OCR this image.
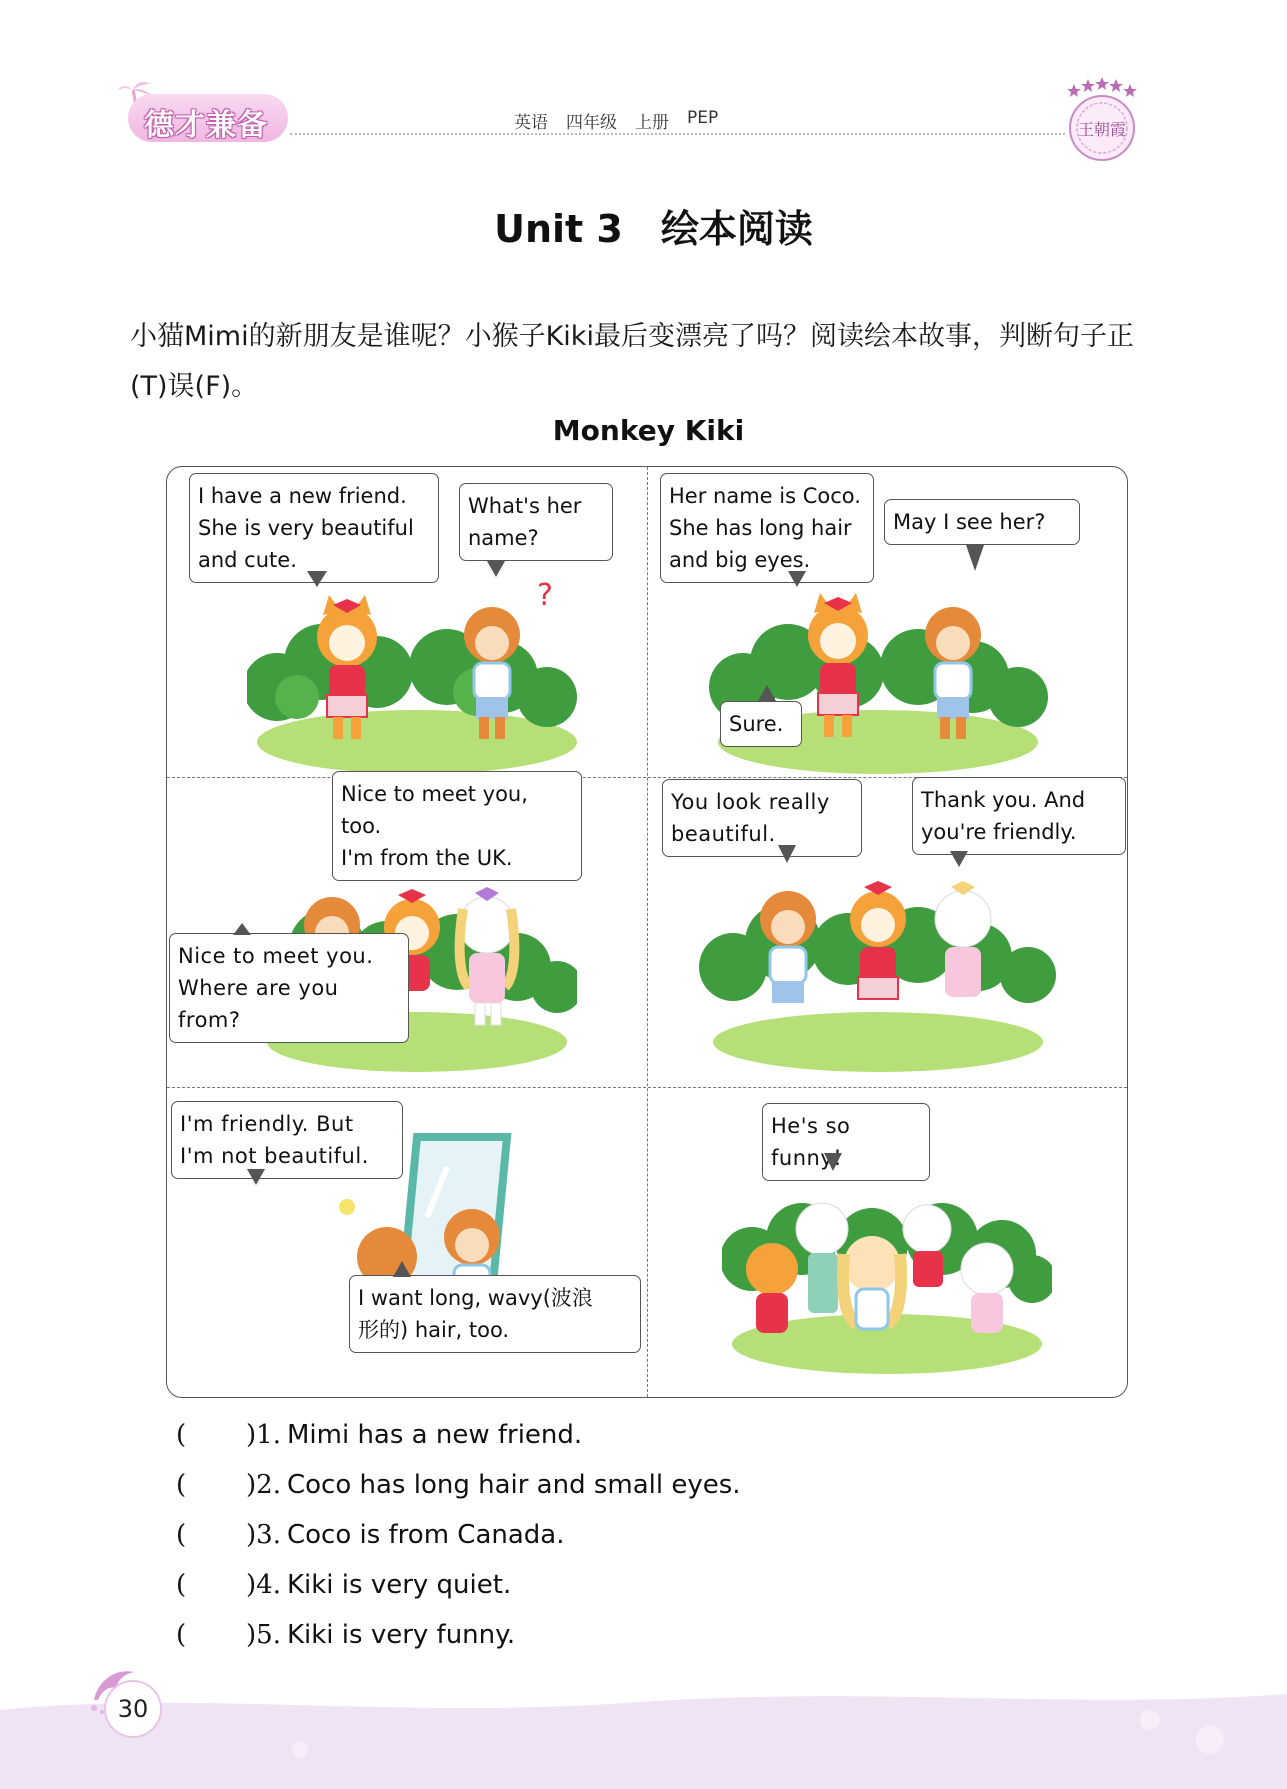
德才兼备	英语 四年级 上册 PEP
王朝霞
Unit 3 绘本阅读
小猫Mimi的新朋友是谁呢？小猴子Kiki最后变漂亮了吗？阅读绘本故事，判断句子正(T)误(F)。
Monkey Kiki
?
I have a new friend.
She is very beautiful
and cute.
What's her
name?
Her name is Coco.
She has long hair
and big eyes.
May I see her?
Sure.
Nice to meet you, too.
I'm from the UK.
Nice to meet you.
Where are you from?
You look really
beautiful.
Thank you. And
you're friendly.
I'm friendly. But
I'm not beautiful.
I want long, wavy(波浪
形的) hair, too.
He's so funny!
(	)1. Mimi has a new friend.
(	)2. Coco has long hair and small eyes.
(	)3. Coco is from Canada.
(	)4. Kiki is very quiet.
(	)5. Kiki is very funny.
30
